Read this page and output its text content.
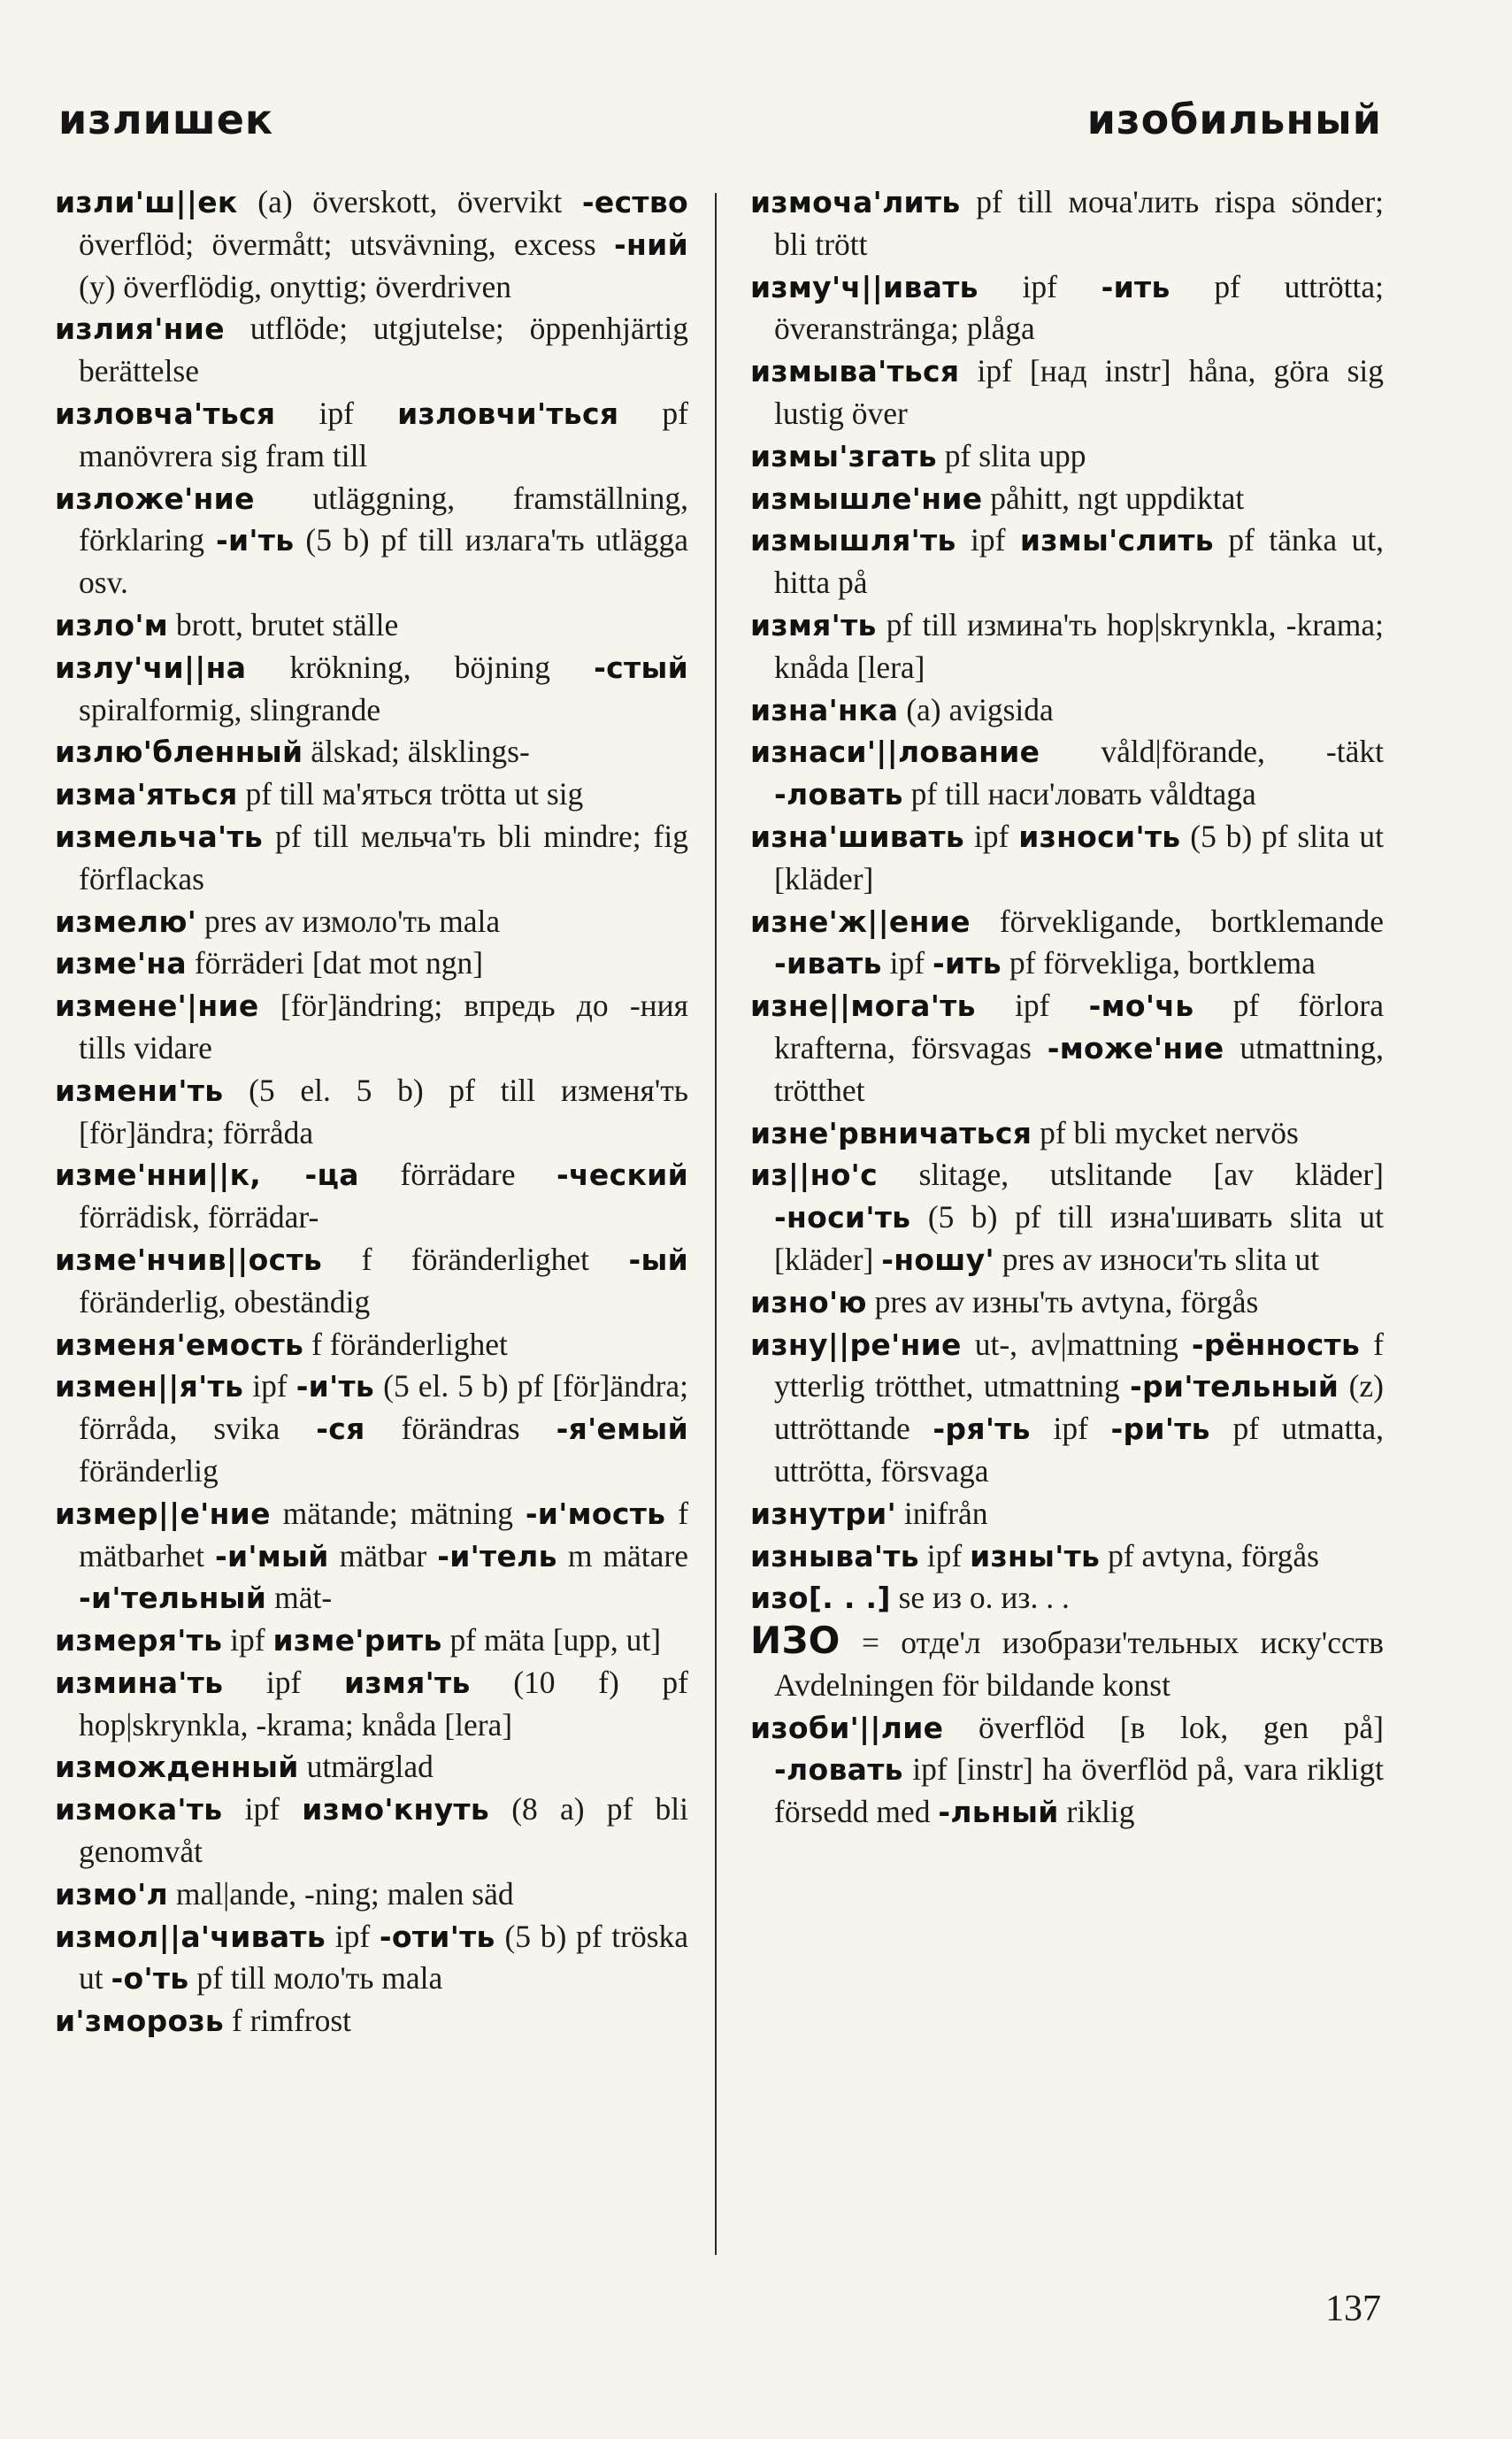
излишек	изобильный

изли'ш||ек (a) överskott, övervikt -ество överflöd; övermått; utsvävning, excess -ний (y) överflödig, onyttig; överdriven

излия'ние utflöde; utgjutelse; öppenhjärtig berättelse

изловча'ться ipf изловчи'ться pf manövrera sig fram till

изложе'ние utläggning, framställning, förklaring -и'ть (5 b) pf till излага'ть utlägga osv.

изло'м brott, brutet ställe

излу'чи||на krökning, böjning -стый spiralformig, slingrande

излю'бленный älskad; älsklings-

изма'яться pf till ма'яться trötta ut sig

измельча'ть pf till мельча'ть bli mindre; fig förflackas

измелю' pres av измоло'ть mala

изме'на förräderi [dat mot ngn]

измене'|ние [för]ändring; впредь до -ния tills vidare

измени'ть (5 el. 5 b) pf till изменя'ть [för]ändra; förråda

изме'нни||к, -ца förrädare -ческий förrädisk, förrädar-

изме'нчив||ость f föränderlighet -ый föränderlig, obeständig

изменя'емость f föränderlighet

измен||я'ть ipf -и'ть (5 el. 5 b) pf [för]ändra; förråda, svika -ся förändras -я'емый föränderlig

измер||е'ние mätande; mätning -и'мость f mätbarhet -и'мый mätbar -и'тель m mätare -и'тельный mät-

измеря'ть ipf изме'рить pf mäta [upp, ut]

измина'ть ipf измя'ть (10 f) pf hop|skrynkla, -krama; knåda [lera]

изможденный utmärglad

измока'ть ipf измо'кнуть (8 a) pf bli genomvåt

измо'л mal|ande, -ning; malen säd

измол||а'чивать ipf -оти'ть (5 b) pf tröska ut -о'ть pf till моло'ть mala

и'зморозь f rimfrost

измоча'лить pf till моча'лить rispa sönder; bli trött

изму'ч||ивать ipf -ить pf uttrötta; överanstränga; plåga

измыва'ться ipf [над instr] håna, göra sig lustig över

измы'згать pf slita upp

измышле'ние påhitt, ngt uppdiktat

измышля'ть ipf измы'слить pf tänka ut, hitta på

измя'ть pf till измина'ть hop|skrynkla, -krama; knåda [lera]

изна'нка (a) avigsida

изнаси'||лование våld|förande, -täkt -ловать pf till наси'ловать våldtaga

изна'шивать ipf износи'ть (5 b) pf slita ut [kläder]

изне'ж||ение förvekligande, bortklemande -ивать ipf -ить pf förvekliga, bortklema

изне||мога'ть ipf -мо'чь pf förlora krafterna, försvagas -може'ние utmattning, trötthet

изне'рвничаться pf bli mycket nervös

из||но'с slitage, utslitande [av kläder] -носи'ть (5 b) pf till изна'шивать slita ut [kläder] -ношу' pres av износи'ть slita ut

изно'ю pres av изны'ть avtyna, förgås

изну||ре'ние ut-, av|mattning -рённость f ytterlig trötthet, utmattning -ри'тельный (z) uttröttande -ря'ть ipf -ри'ть pf utmatta, uttrötta, försvaga

изнутри' inifrån

изныва'ть ipf изны'ть pf avtyna, förgås

изо[. . .] se из o. из. . .

ИЗО = отде'л изобрази'тельных иску'сств Avdelningen för bildande konst

изоби'||лие överflöd [в lok, gen på] -ловать ipf [instr] ha överflöd på, vara rikligt försedd med -льный riklig

137
